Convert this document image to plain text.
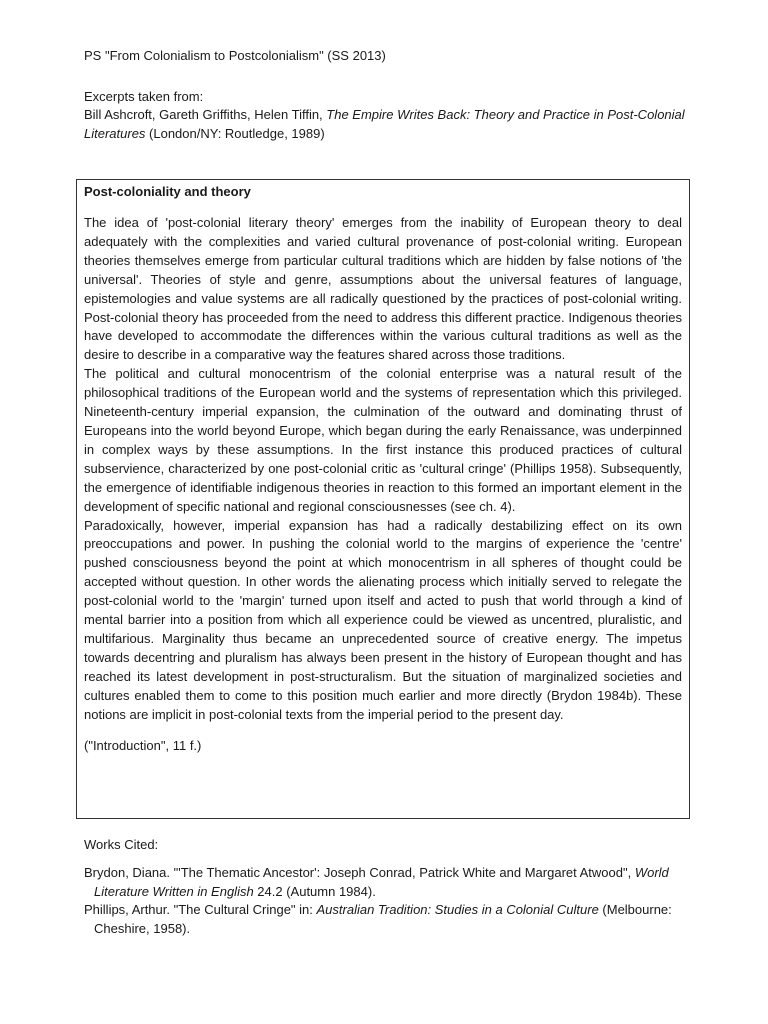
PS "From Colonialism to Postcolonialism" (SS 2013)
Excerpts taken from:
Bill Ashcroft, Gareth Griffiths, Helen Tiffin, The Empire Writes Back: Theory and Practice in Post-Colonial Literatures (London/NY: Routledge, 1989)
Post-coloniality and theory

The idea of 'post-colonial literary theory' emerges from the inability of European theory to deal adequately with the complexities and varied cultural provenance of post-colonial writing. European theories themselves emerge from particular cultural traditions which are hidden by false notions of 'the universal'. Theories of style and genre, assumptions about the universal features of language, epistemologies and value systems are all radically questioned by the practices of post-colonial writing. Post-colonial theory has proceeded from the need to address this different practice. Indigenous theories have developed to accommodate the differences within the various cultural traditions as well as the desire to describe in a comparative way the features shared across those traditions.

The political and cultural monocentrism of the colonial enterprise was a natural result of the philosophical traditions of the European world and the systems of representation which this privileged. Nineteenth-century imperial expansion, the culmination of the outward and dominating thrust of Europeans into the world beyond Europe, which began during the early Renaissance, was underpinned in complex ways by these assumptions. In the first instance this produced practices of cultural subservience, characterized by one post-colonial critic as 'cultural cringe' (Phillips 1958). Subsequently, the emergence of identifiable indigenous theories in reaction to this formed an important element in the development of specific national and regional consciousnesses (see ch. 4).

Paradoxically, however, imperial expansion has had a radically destabilizing effect on its own preoccupations and power. In pushing the colonial world to the margins of experience the 'centre' pushed consciousness beyond the point at which monocentrism in all spheres of thought could be accepted without question. In other words the alienating process which initially served to relegate the post-colonial world to the 'margin' turned upon itself and acted to push that world through a kind of mental barrier into a position from which all experience could be viewed as uncentred, pluralistic, and multifarious. Marginality thus became an unprecedented source of creative energy. The impetus towards decentring and pluralism has always been present in the history of European thought and has reached its latest development in post-structuralism. But the situation of marginalized societies and cultures enabled them to come to this position much earlier and more directly (Brydon 1984b). These notions are implicit in post-colonial texts from the imperial period to the present day.

("Introduction", 11 f.)
Works Cited:
Brydon, Diana. "'The Thematic Ancestor': Joseph Conrad, Patrick White and Margaret Atwood", World Literature Written in English 24.2 (Autumn 1984).
Phillips, Arthur. "The Cultural Cringe" in: Australian Tradition: Studies in a Colonial Culture (Melbourne: Cheshire, 1958).
